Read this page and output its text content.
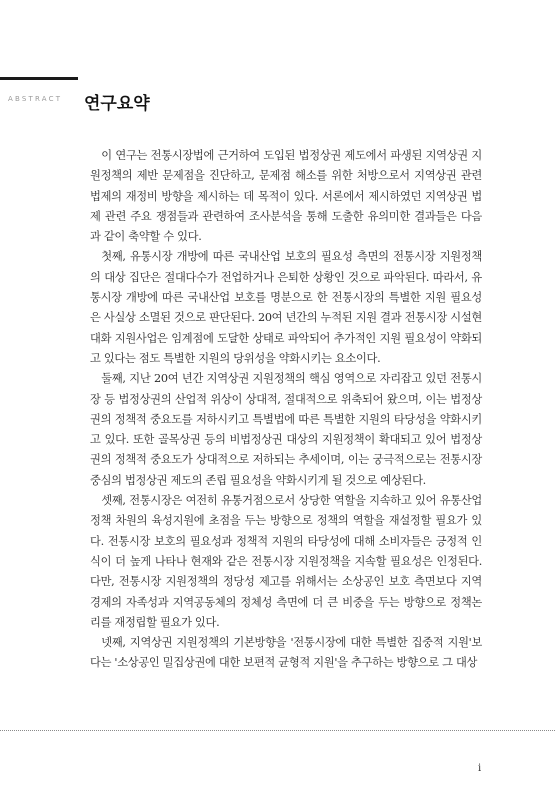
ABSTRACT 연구요약

이 연구는 전통시장법에 근거하여 도입된 법정상권 제도에서 파생된 지역상권 지원정책의 제반 문제점을 진단하고, 문제점 해소를 위한 처방으로서 지역상권 관련 법제의 재정비 방향을 제시하는 데 목적이 있다. 서론에서 제시하였던 지역상권 법제 관련 주요 쟁점들과 관련하여 조사분석을 통해 도출한 유의미한 결과들은 다음과 같이 축약할 수 있다.

첫째, 유통시장 개방에 따른 국내산업 보호의 필요성 측면의 전통시장 지원정책의 대상 집단은 절대다수가 전업하거나 은퇴한 상황인 것으로 파악된다. 따라서, 유통시장 개방에 따른 국내산업 보호를 명분으로 한 전통시장의 특별한 지원 필요성은 사실상 소멸된 것으로 판단된다. 20여 년간의 누적된 지원 결과 전통시장 시설현대화 지원사업은 임계점에 도달한 상태로 파악되어 추가적인 지원 필요성이 약화되고 있다는 점도 특별한 지원의 당위성을 약화시키는 요소이다.

둘째, 지난 20여 년간 지역상권 지원정책의 핵심 영역으로 자리잡고 있던 전통시장 등 법정상권의 산업적 위상이 상대적, 절대적으로 위축되어 왔으며, 이는 법정상권의 정책적 중요도를 저하시키고 특별법에 따른 특별한 지원의 타당성을 약화시키고 있다. 또한 골목상권 등의 비법정상권 대상의 지원정책이 확대되고 있어 법정상권의 정책적 중요도가 상대적으로 저하되는 추세이며, 이는 궁극적으로는 전통시장 중심의 법정상권 제도의 존립 필요성을 약화시키게 될 것으로 예상된다.

셋째, 전통시장은 여전히 유통거점으로서 상당한 역할을 지속하고 있어 유통산업 정책 차원의 육성지원에 초점을 두는 방향으로 정책의 역할을 재설정할 필요가 있다. 전통시장 보호의 필요성과 정책적 지원의 타당성에 대해 소비자들은 긍정적 인식이 더 높게 나타나 현재와 같은 전통시장 지원정책을 지속할 필요성은 인정된다. 다만, 전통시장 지원정책의 정당성 제고를 위해서는 소상공인 보호 측면보다 지역경제의 자족성과 지역공동체의 정체성 측면에 더 큰 비중을 두는 방향으로 정책논리를 재정립할 필요가 있다.

넷째, 지역상권 지원정책의 기본방향을 '전통시장에 대한 특별한 집중적 지원'보다는 '소상공인 밀집상권에 대한 보편적 균형적 지원'을 추구하는 방향으로 그 대상

i
